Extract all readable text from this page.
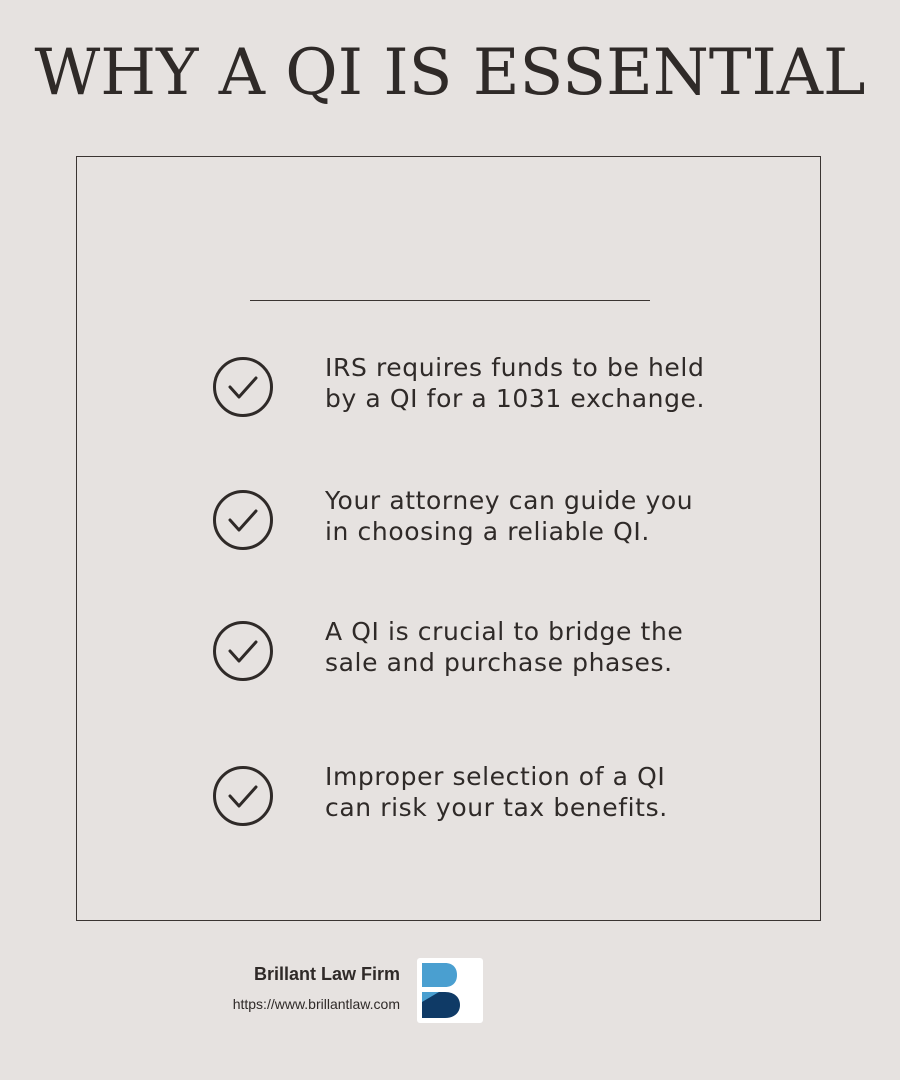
WHY A QI IS ESSENTIAL
IRS requires funds to be held
by a QI for a 1031 exchange.
Your attorney can guide you
in choosing a reliable QI.
A QI is crucial to bridge the
sale and purchase phases.
Improper selection of a QI
can risk your tax benefits.
Brillant Law Firm
https://www.brillantlaw.com
